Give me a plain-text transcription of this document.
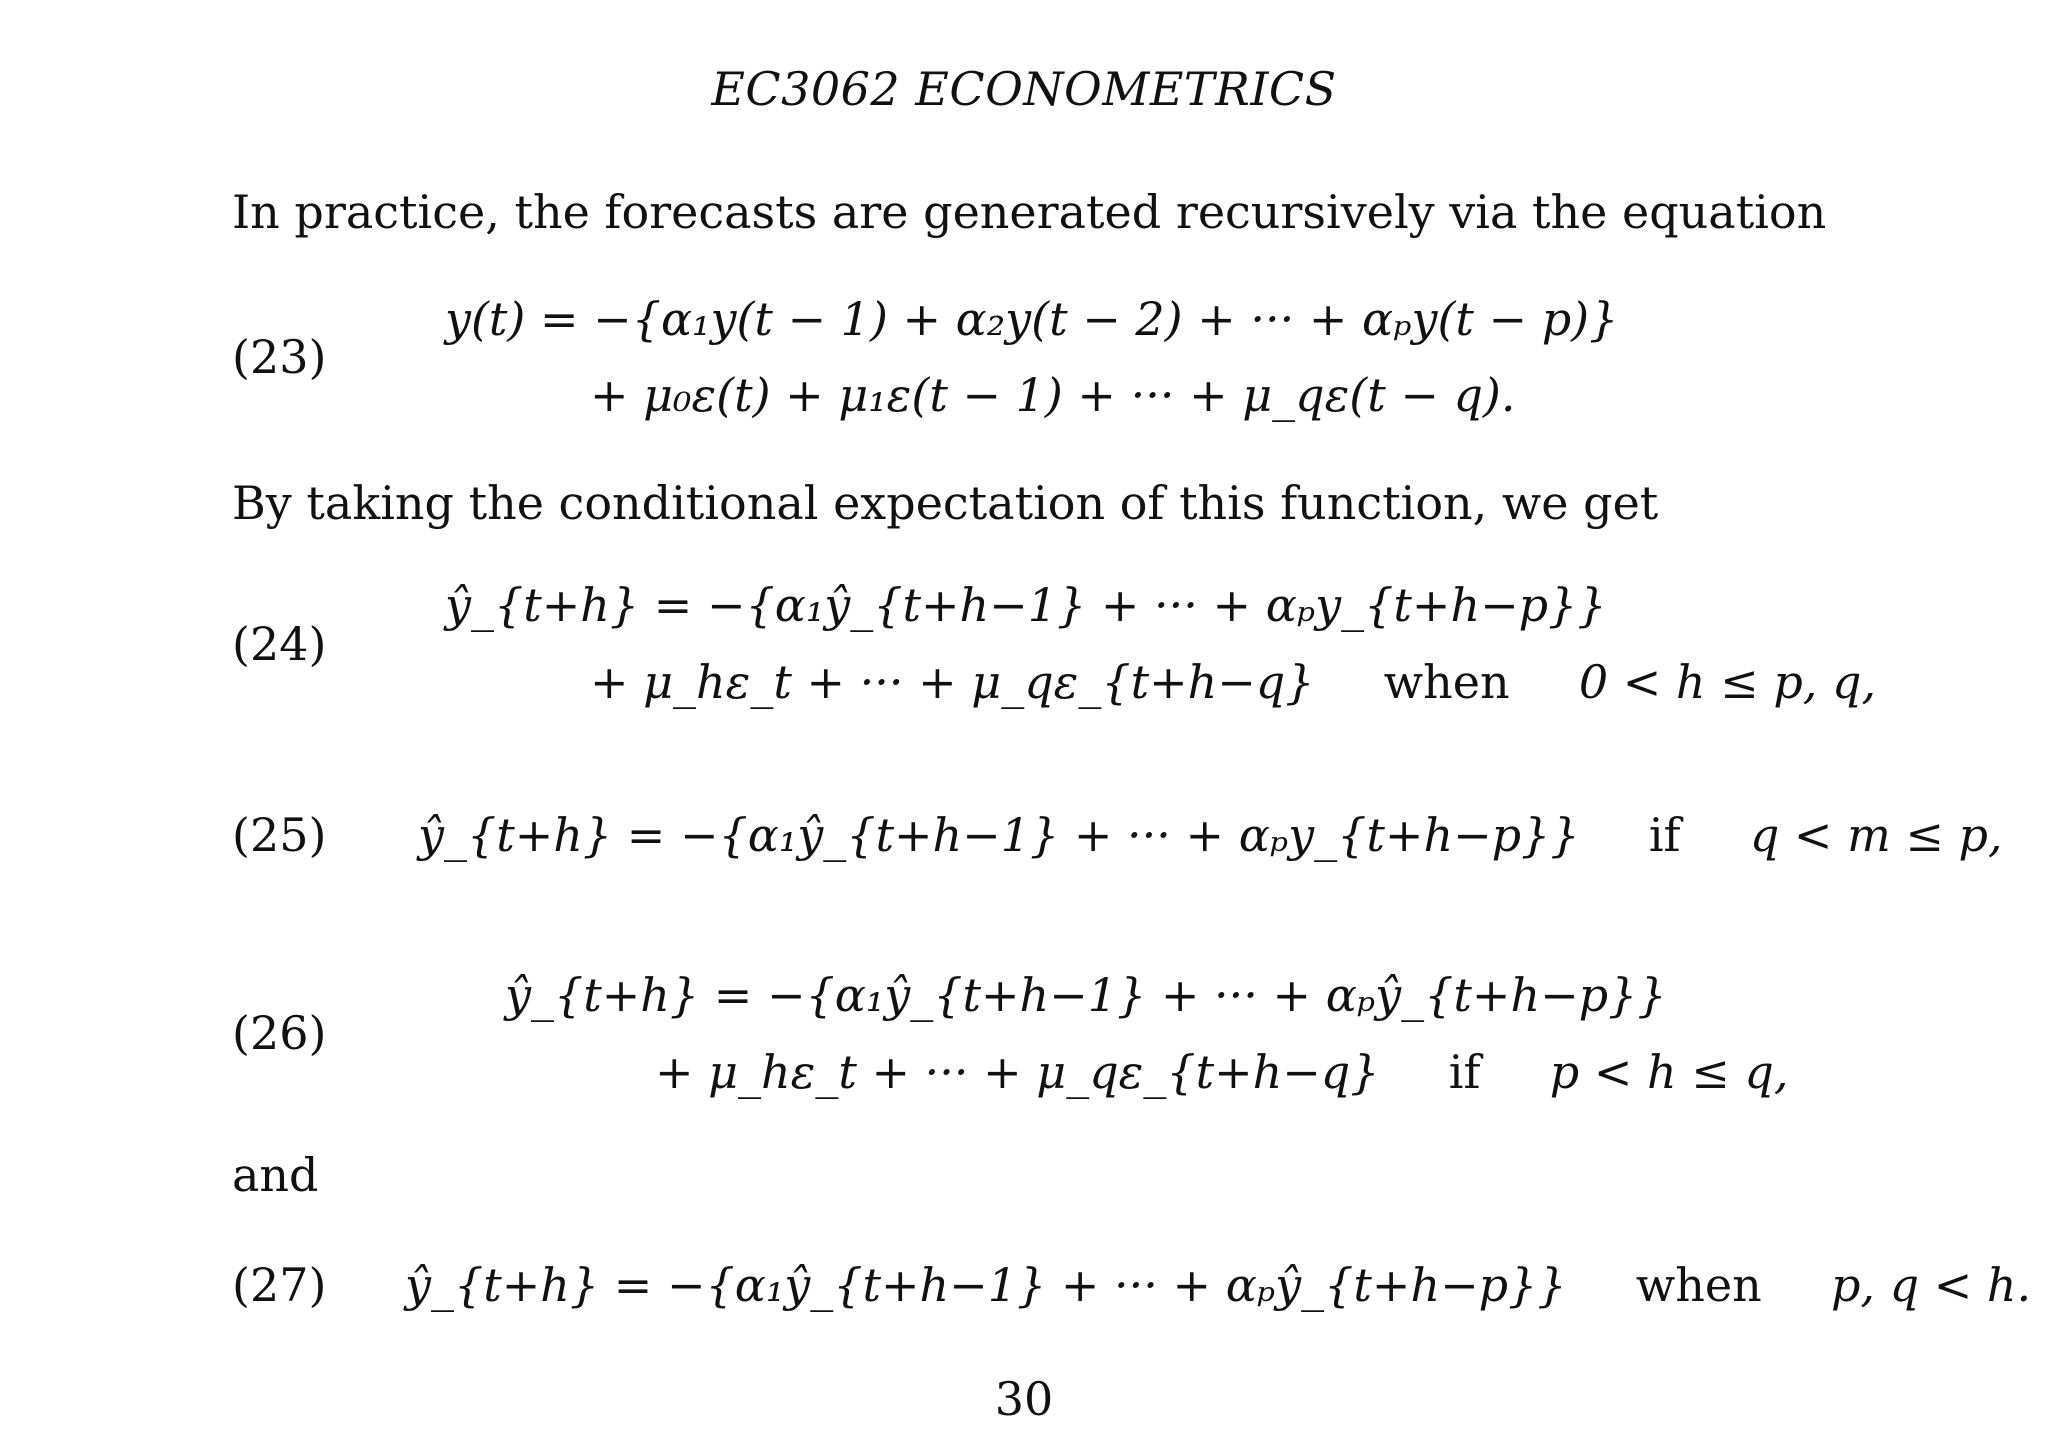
EC3062 ECONOMETRICS
In practice, the forecasts are generated recursively via the equation
(23)
y(t) = −{α₁y(t − 1) + α₂y(t − 2) + ··· + αₚy(t − p)}
+ μ₀ε(t) + μ₁ε(t − 1) + ··· + μ_qε(t − q).
By taking the conditional expectation of this function, we get
(24)
ŷ_{t+h} = −{α₁ŷ_{t+h−1} + ··· + αₚy_{t+h−p}}
+ μ_hε_t + ··· + μ_qε_{t+h−q} when 0 < h ≤ p, q,
(25) ŷ_{t+h} = −{α₁ŷ_{t+h−1} + ··· + αₚy_{t+h−p}} if q < m ≤ p,
(26)
ŷ_{t+h} = −{α₁ŷ_{t+h−1} + ··· + αₚŷ_{t+h−p}}
+ μ_hε_t + ··· + μ_qε_{t+h−q} if p < h ≤ q,
and
(27) ŷ_{t+h} = −{α₁ŷ_{t+h−1} + ··· + αₚŷ_{t+h−p}} when p, q < h.
30
